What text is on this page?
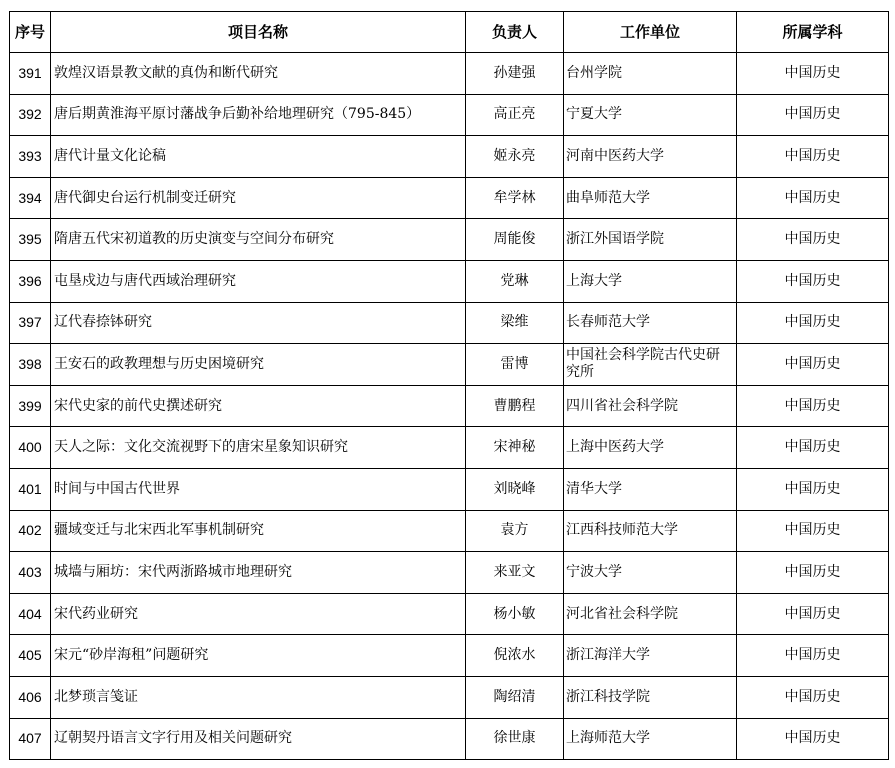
序号	项目名称	负责人	工作单位	所属学科
391	敦煌汉语景教文献的真伪和断代研究	孙建强	台州学院	中国历史
392	唐后期黄淮海平原讨藩战争后勤补给地理研究（795-845）	高正亮	宁夏大学	中国历史
393	唐代计量文化论稿	姬永亮	河南中医药大学	中国历史
394	唐代御史台运行机制变迁研究	牟学林	曲阜师范大学	中国历史
395	隋唐五代宋初道教的历史演变与空间分布研究	周能俊	浙江外国语学院	中国历史
396	屯垦戍边与唐代西域治理研究	党琳	上海大学	中国历史
397	辽代春捺钵研究	梁维	长春师范大学	中国历史
398	王安石的政教理想与历史困境研究	雷博	中国社会科学院古代史研究所	中国历史
399	宋代史家的前代史撰述研究	曹鹏程	四川省社会科学院	中国历史
400	天人之际：文化交流视野下的唐宋星象知识研究	宋神秘	上海中医药大学	中国历史
401	时间与中国古代世界	刘晓峰	清华大学	中国历史
402	疆域变迁与北宋西北军事机制研究	袁方	江西科技师范大学	中国历史
403	城墙与厢坊：宋代两浙路城市地理研究	来亚文	宁波大学	中国历史
404	宋代药业研究	杨小敏	河北省社会科学院	中国历史
405	宋元“砂岸海租”问题研究	倪浓水	浙江海洋大学	中国历史
406	北梦琐言笺证	陶绍清	浙江科技学院	中国历史
407	辽朝契丹语言文字行用及相关问题研究	徐世康	上海师范大学	中国历史
